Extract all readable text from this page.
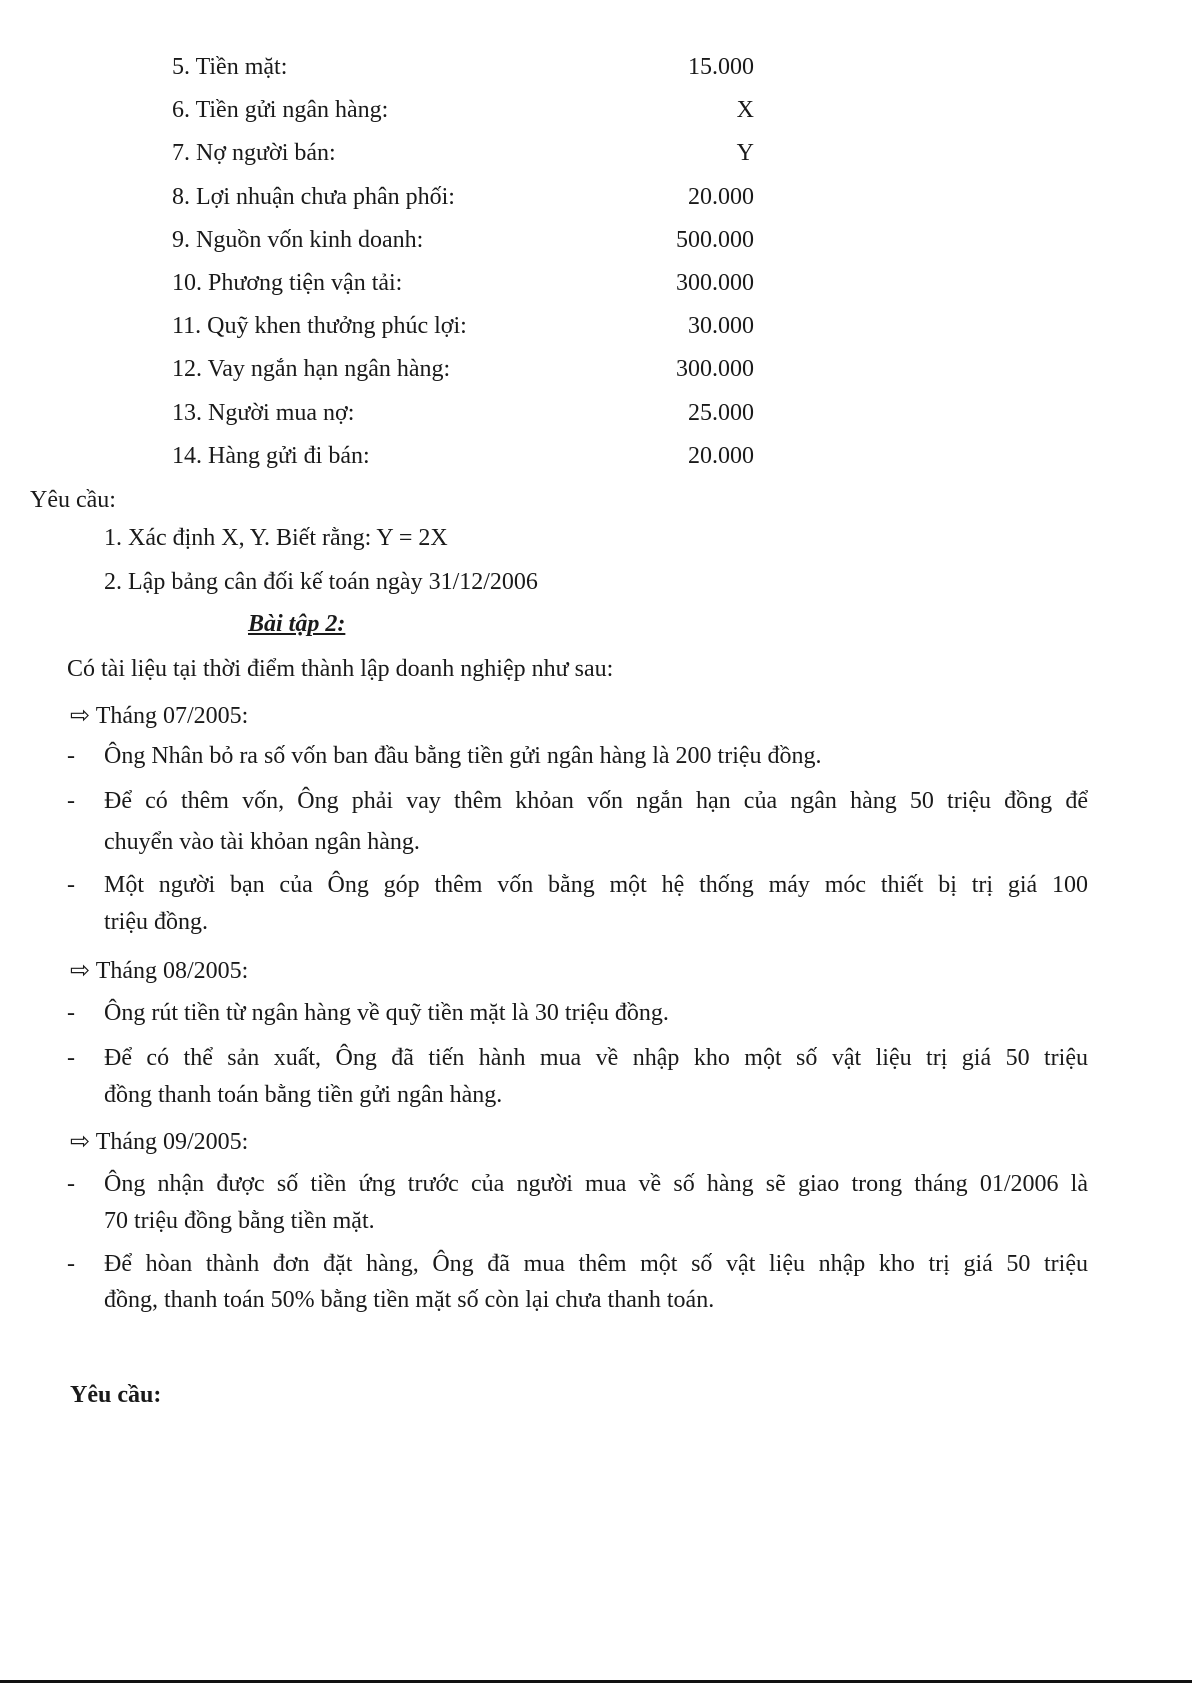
5. Tiền mặt:	15.000
6. Tiền gửi ngân hàng:	X
7. Nợ người bán:	Y
8. Lợi nhuận chưa phân phối:	20.000
9. Nguồn vốn kinh doanh:	500.000
10. Phương tiện vận tải:	300.000
11. Quỹ khen thưởng phúc lợi:	30.000
12. Vay ngắn hạn ngân hàng:	300.000
13. Người mua nợ:	25.000
14. Hàng gửi đi bán:	20.000
Yêu cầu:
1. Xác định X, Y. Biết rằng: Y = 2X
2. Lập bảng cân đối kế toán ngày 31/12/2006
Bài tập 2:
Có tài liệu tại thời điểm thành lập doanh nghiệp như sau:
⇨ Tháng 07/2005:
- Ông Nhân bỏ ra số vốn ban đầu bằng tiền gửi ngân hàng là 200 triệu đồng.
- Để có thêm vốn, Ông phải vay thêm khỏan vốn ngắn hạn của ngân hàng 50 triệu đồng để
chuyển vào tài khỏan ngân hàng.
- Một người bạn của Ông góp thêm vốn bằng một hệ thống máy móc thiết bị trị giá 100
triệu đồng.
⇨ Tháng 08/2005:
- Ông rút tiền từ ngân hàng về quỹ tiền mặt là 30 triệu đồng.
- Để có thể sản xuất, Ông đã tiến hành mua về nhập kho một số vật liệu trị giá 50 triệu
đồng thanh toán bằng tiền gửi ngân hàng.
⇨ Tháng 09/2005:
- Ông nhận được số tiền ứng trước của người mua về số hàng sẽ giao trong tháng 01/2006 là
70 triệu đồng bằng tiền mặt.
- Để hòan thành đơn đặt hàng, Ông đã mua thêm một số vật liệu nhập kho trị giá 50 triệu
đồng, thanh toán 50% bằng tiền mặt số còn lại chưa thanh toán.
Yêu cầu:
